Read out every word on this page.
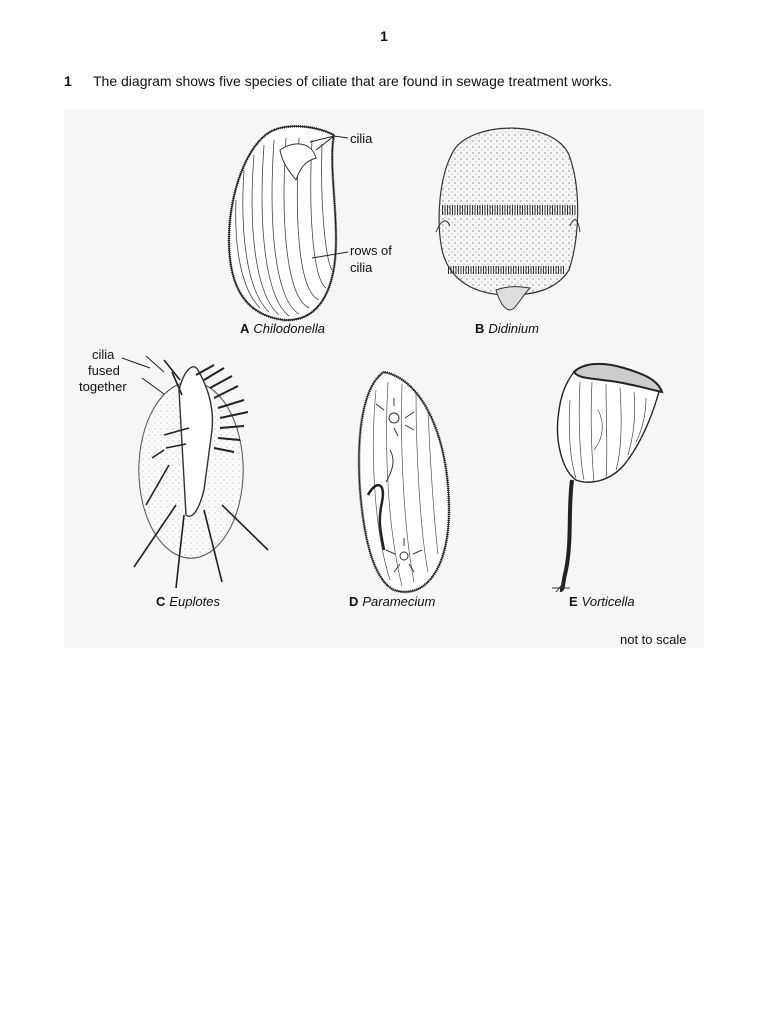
1
1 The diagram shows five species of ciliate that are found in sewage treatment works.
cilia
rows of
cilia
A Chilodonella	B Didinium
cilia
fused
together
C Euplotes	D Paramecium	E Vorticella
not to scale
